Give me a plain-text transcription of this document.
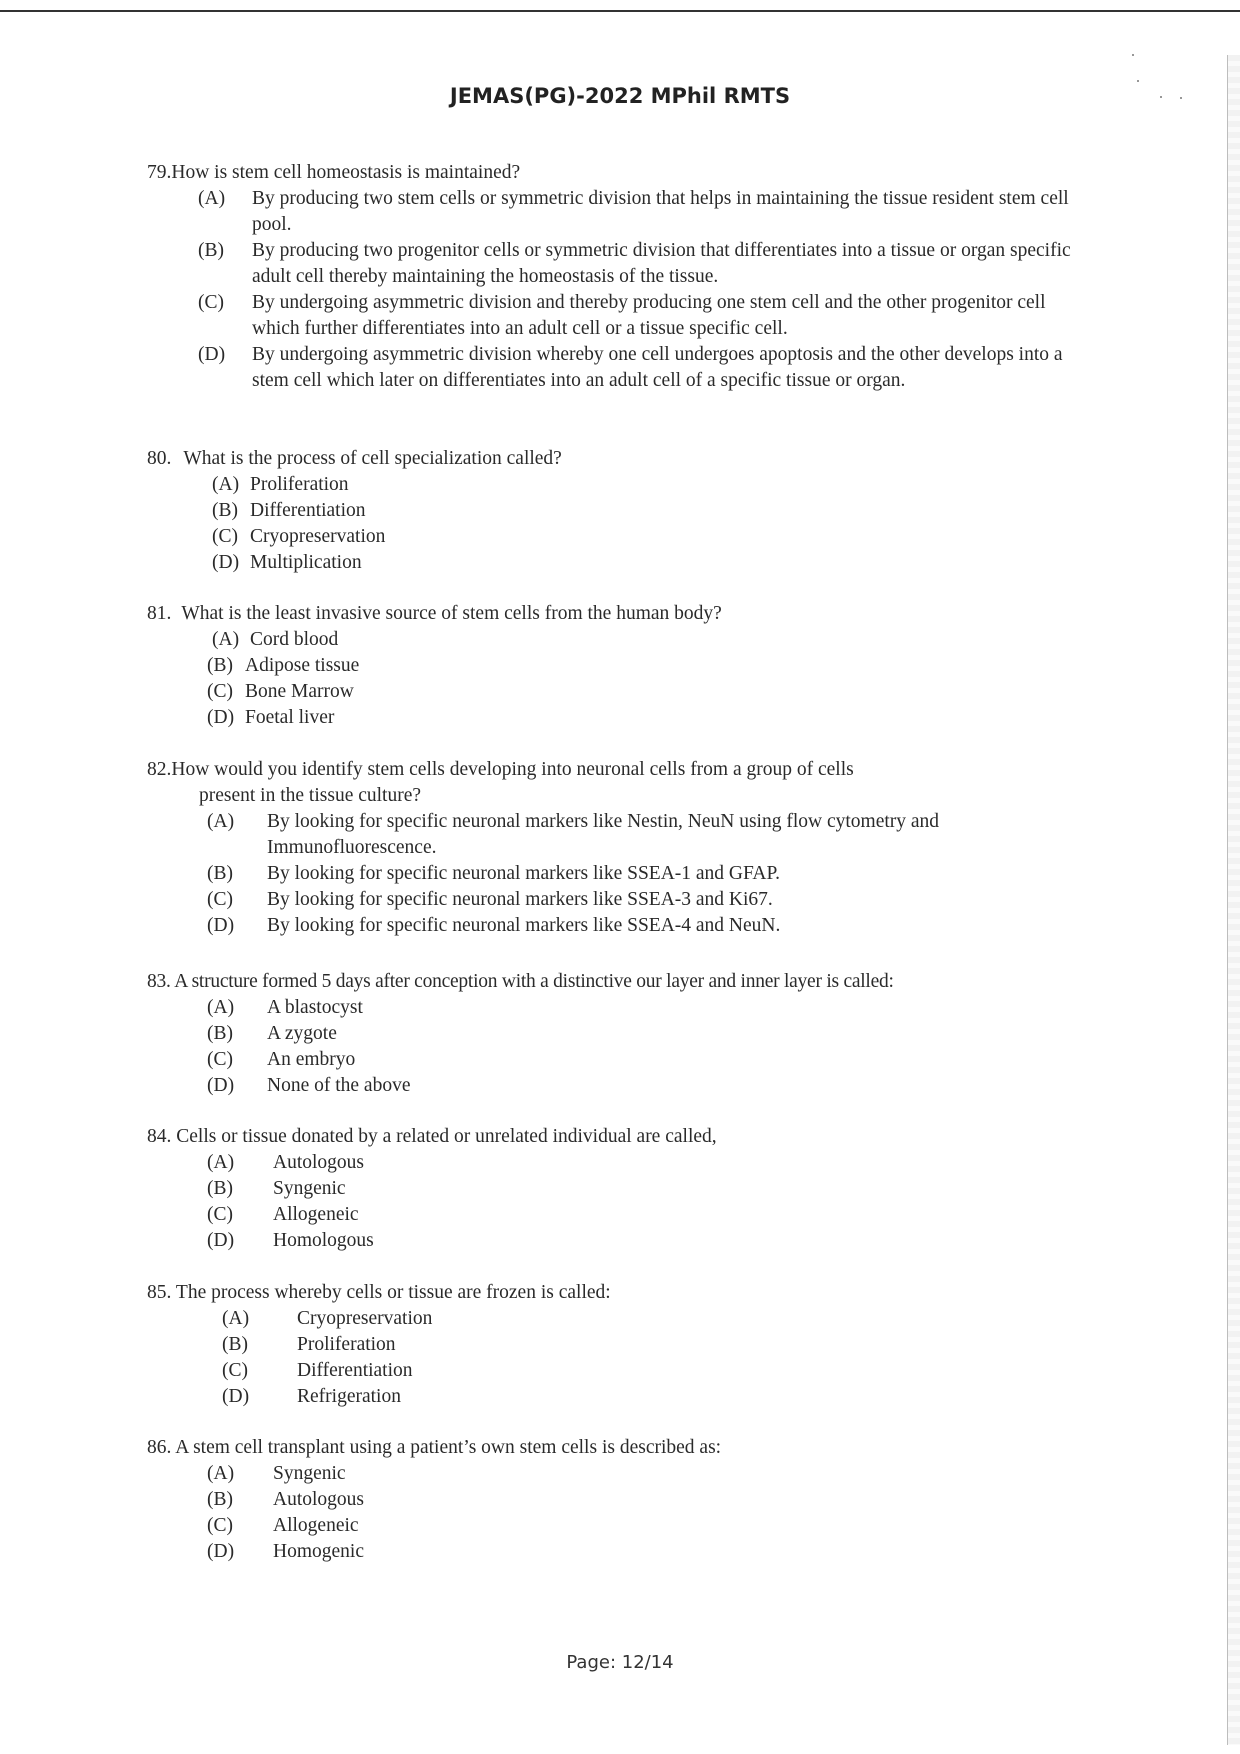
JEMAS(PG)-2022 MPhil RMTS
79.How is stem cell homeostasis is maintained?
(A) By producing two stem cells or symmetric division that helps in maintaining the tissue resident stem cell pool.
(B) By producing two progenitor cells or symmetric division that differentiates into a tissue or organ specific adult cell thereby maintaining the homeostasis of the tissue.
(C) By undergoing asymmetric division and thereby producing one stem cell and the other progenitor cell which further differentiates into an adult cell or a tissue specific cell.
(D) By undergoing asymmetric division whereby one cell undergoes apoptosis and the other develops into a stem cell which later on differentiates into an adult cell of a specific tissue or organ.
80. What is the process of cell specialization called?
(A) Proliferation
(B) Differentiation
(C) Cryopreservation
(D) Multiplication
81. What is the least invasive source of stem cells from the human body?
(A) Cord blood
(B) Adipose tissue
(C) Bone Marrow
(D) Foetal liver
82.How would you identify stem cells developing into neuronal cells from a group of cells
present in the tissue culture?
(A) By looking for specific neuronal markers like Nestin, NeuN using flow cytometry and Immunofluorescence.
(B) By looking for specific neuronal markers like SSEA-1 and GFAP.
(C) By looking for specific neuronal markers like SSEA-3 and Ki67.
(D) By looking for specific neuronal markers like SSEA-4 and NeuN.
83. A structure formed 5 days after conception with a distinctive our layer and inner layer is called:
(A) A blastocyst
(B) A zygote
(C) An embryo
(D) None of the above
84. Cells or tissue donated by a related or unrelated individual are called,
(A) Autologous
(B) Syngenic
(C) Allogeneic
(D) Homologous
85. The process whereby cells or tissue are frozen is called:
(A) Cryopreservation
(B)	Proliferation
(C)	Differentiation
(D) Refrigeration
86. A stem cell transplant using a patient’s own stem cells is described as:
(A) Syngenic
(B) Autologous
(C) Allogeneic
(D) Homogenic
Page: 12/14
